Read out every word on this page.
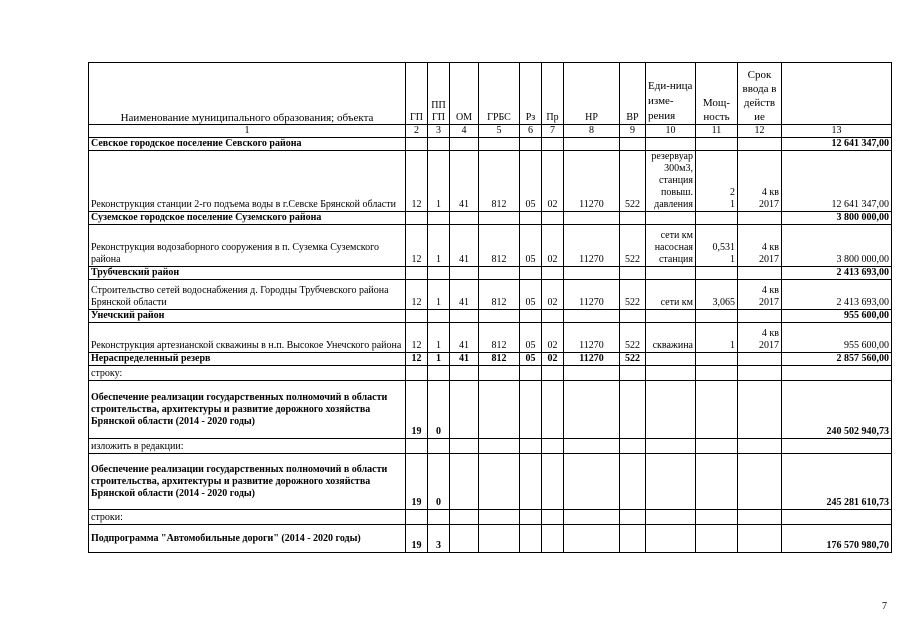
Наименование муниципального образования; объекта	ГП	ПП ГП	ОМ	ГРБС	Рз	Пр	НР	ВР	Еди-ница изме-рения	Мощ-ность	Срок ввода в действ ие	
1	2	3	4	5	6	7	8	9	10	11	12	13
Севское городское поселение Севского района												12 641 347,00
Реконструкция станции 2-го подъема воды в г.Севске Брянской области	12	1	41	812	05	02	11270	522	резервуар 300м3, станция повыш. давления	2 1	4 кв 2017	12 641 347,00
Суземское городское поселение Суземского района												3 800 000,00
Реконструкция водозаборного сооружения в п. Суземка Суземского района	12	1	41	812	05	02	11270	522	сети км насосная станция	0,531 1	4 кв 2017	3 800 000,00
Трубчевский район												2 413 693,00
Строительство сетей водоснабжения д. Городцы Трубчевского района Брянской области	12	1	41	812	05	02	11270	522	сети км	3,065	4 кв 2017	2 413 693,00
Унечский район												955 600,00
Реконструкция артезианской скважины в н.п. Высокое Унечского района	12	1	41	812	05	02	11270	522	скважина	1	4 кв 2017	955 600,00
Нераспределенный резерв	12	1	41	812	05	02	11270	522				2 857 560,00
строку:												
Обеспечение реализации государственных полномочий в области строительства, архитектуры и развитие дорожного хозяйства Брянской области (2014 - 2020 годы)	19	0										240 502 940,73
изложить в редакции:												
Обеспечение реализации государственных полномочий в области строительства, архитектуры и развитие дорожного хозяйства Брянской области (2014 - 2020 годы)	19	0										245 281 610,73
строки:												
Подпрограмма "Автомобильные дороги" (2014 - 2020 годы)	19	3										176 570 980,70
7
